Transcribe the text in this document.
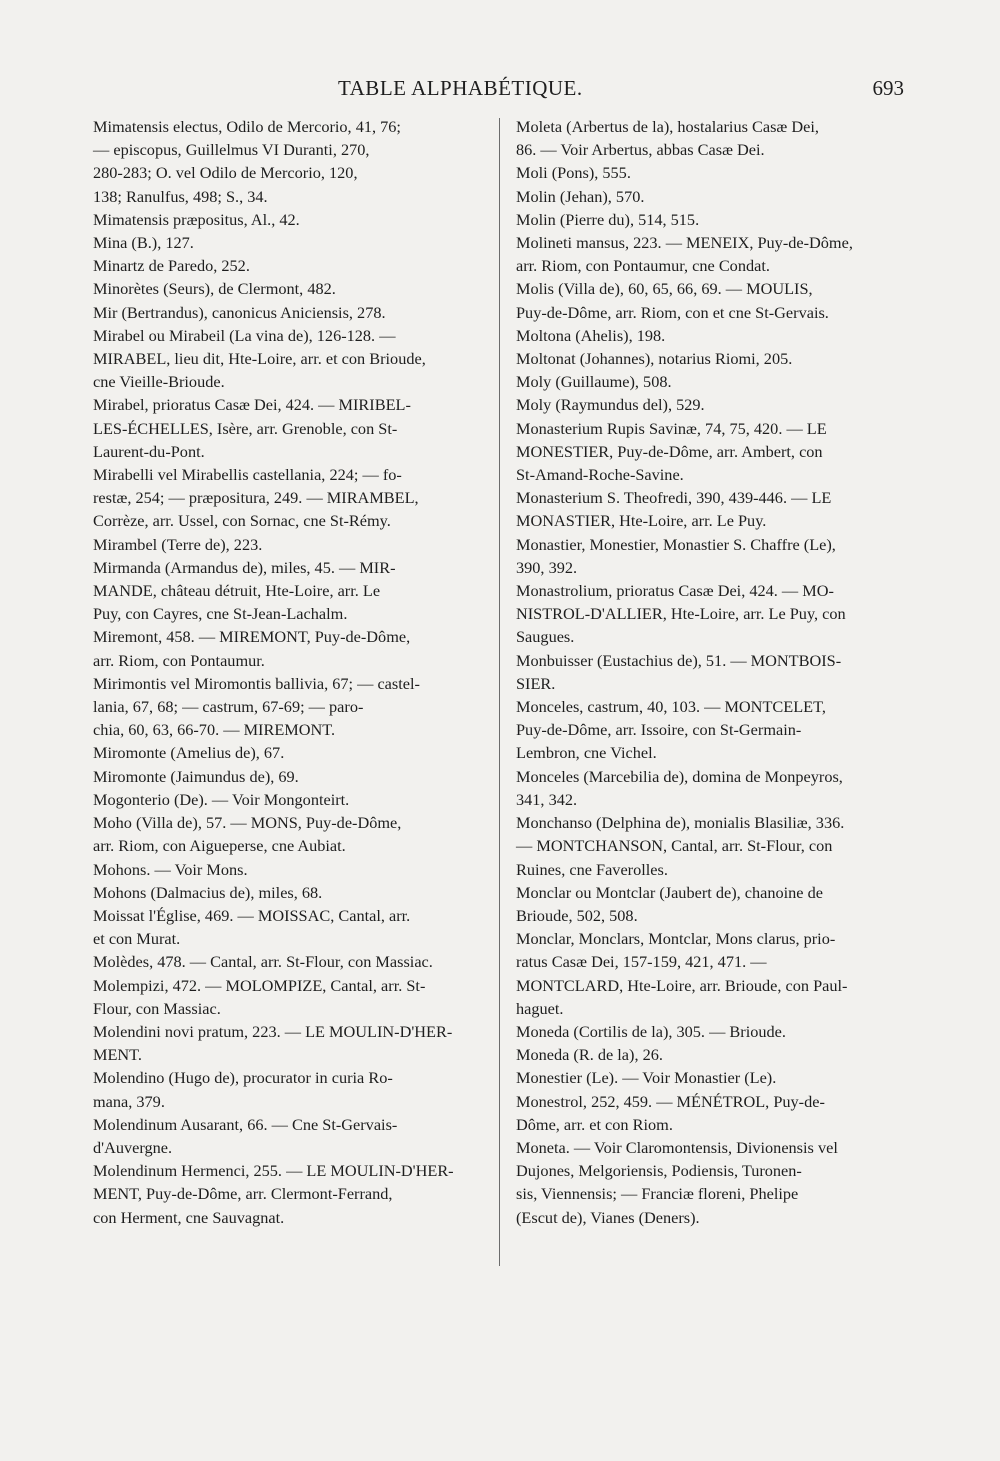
TABLE ALPHABÉTIQUE.	693
Mimatensis electus, Odilo de Mercorio, 41, 76;
— episcopus, Guillelmus VI Duranti, 270,
280-283; O. vel Odilo de Mercorio, 120,
138; Ranulfus, 498; S., 34.
Mimatensis præpositus, Al., 42.
Mina (B.), 127.
Minartz de Paredo, 252.
Minorètes (Seurs), de Clermont, 482.
Mir (Bertrandus), canonicus Aniciensis, 278.
Mirabel ou Mirabeil (La vina de), 126-128. —
MIRABEL, lieu dit, Hte-Loire, arr. et con Brioude,
cne Vieille-Brioude.
Mirabel, prioratus Casæ Dei, 424. — MIRIBEL-
LES-ÉCHELLES, Isère, arr. Grenoble, con St-
Laurent-du-Pont.
Mirabelli vel Mirabellis castellania, 224; — fo-
restæ, 254; — præpositura, 249. — MIRAMBEL,
Corrèze, arr. Ussel, con Sornac, cne St-Rémy.
Mirambel (Terre de), 223.
Mirmanda (Armandus de), miles, 45. — MIR-
MANDE, château détruit, Hte-Loire, arr. Le
Puy, con Cayres, cne St-Jean-Lachalm.
Miremont, 458. — MIREMONT, Puy-de-Dôme,
arr. Riom, con Pontaumur.
Mirimontis vel Miromontis ballivia, 67; — castel-
lania, 67, 68; — castrum, 67-69; — paro-
chia, 60, 63, 66-70. — MIREMONT.
Miromonte (Amelius de), 67.
Miromonte (Jaimundus de), 69.
Mogonterio (De). — Voir Mongonteirt.
Moho (Villa de), 57. — MONS, Puy-de-Dôme,
arr. Riom, con Aigueperse, cne Aubiat.
Mohons. — Voir Mons.
Mohons (Dalmacius de), miles, 68.
Moissat l'Église, 469. — MOISSAC, Cantal, arr.
et con Murat.
Molèdes, 478. — Cantal, arr. St-Flour, con Massiac.
Molempizi, 472. — MOLOMPIZE, Cantal, arr. St-
Flour, con Massiac.
Molendini novi pratum, 223. — LE MOULIN-D'HER-
MENT.
Molendino (Hugo de), procurator in curia Ro-
mana, 379.
Molendinum Ausarant, 66. — Cne St-Gervais-
d'Auvergne.
Molendinum Hermenci, 255. — LE MOULIN-D'HER-
MENT, Puy-de-Dôme, arr. Clermont-Ferrand,
con Herment, cne Sauvagnat.
Moleta (Arbertus de la), hostalarius Casæ Dei,
86. — Voir Arbertus, abbas Casæ Dei.
Moli (Pons), 555.
Molin (Jehan), 570.
Molin (Pierre du), 514, 515.
Molineti mansus, 223. — MENEIX, Puy-de-Dôme,
arr. Riom, con Pontaumur, cne Condat.
Molis (Villa de), 60, 65, 66, 69. — MOULIS,
Puy-de-Dôme, arr. Riom, con et cne St-Gervais.
Moltona (Ahelis), 198.
Moltonat (Johannes), notarius Riomi, 205.
Moly (Guillaume), 508.
Moly (Raymundus del), 529.
Monasterium Rupis Savinæ, 74, 75, 420. — LE
MONESTIER, Puy-de-Dôme, arr. Ambert, con
St-Amand-Roche-Savine.
Monasterium S. Theofredi, 390, 439-446. — LE
MONASTIER, Hte-Loire, arr. Le Puy.
Monastier, Monestier, Monastier S. Chaffre (Le),
390, 392.
Monastrolium, prioratus Casæ Dei, 424. — MO-
NISTROL-D'ALLIER, Hte-Loire, arr. Le Puy, con
Saugues.
Monbuisser (Eustachius de), 51. — MONTBOIS-
SIER.
Monceles, castrum, 40, 103. — MONTCELET,
Puy-de-Dôme, arr. Issoire, con St-Germain-
Lembron, cne Vichel.
Monceles (Marcebilia de), domina de Monpeyros,
341, 342.
Monchanso (Delphina de), monialis Blasiliæ, 336.
— MONTCHANSON, Cantal, arr. St-Flour, con
Ruines, cne Faverolles.
Monclar ou Montclar (Jaubert de), chanoine de
Brioude, 502, 508.
Monclar, Monclars, Montclar, Mons clarus, prio-
ratus Casæ Dei, 157-159, 421, 471. —
MONTCLARD, Hte-Loire, arr. Brioude, con Paul-
haguet.
Moneda (Cortilis de la), 305. — Brioude.
Moneda (R. de la), 26.
Monestier (Le). — Voir Monastier (Le).
Monestrol, 252, 459. — MÉNÉTROL, Puy-de-
Dôme, arr. et con Riom.
Moneta. — Voir Claromontensis, Divionensis vel
Dujones, Melgoriensis, Podiensis, Turonen-
sis, Viennensis; — Franciæ floreni, Phelipe
(Escut de), Vianes (Deners).
